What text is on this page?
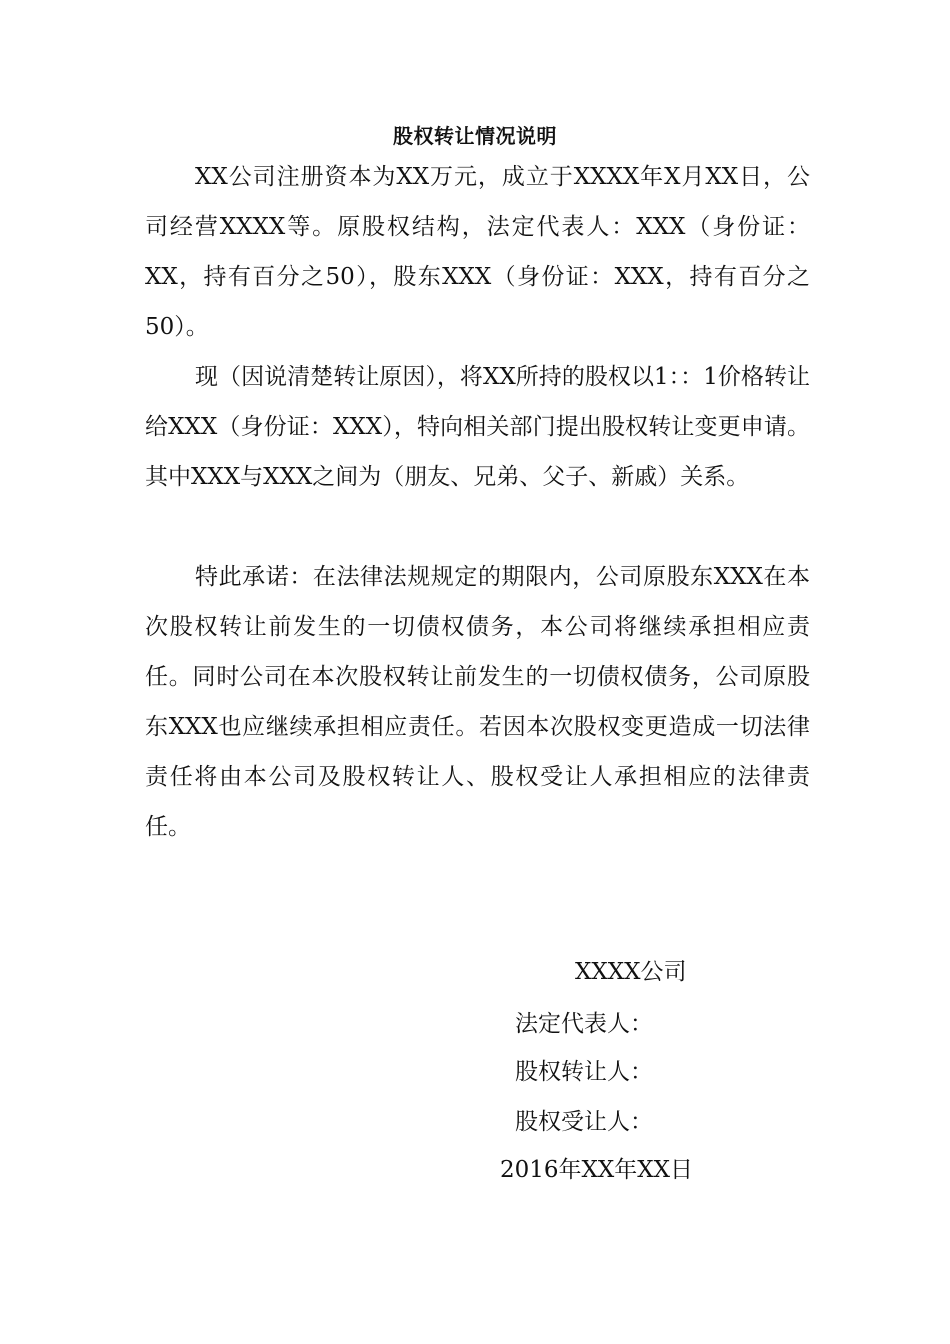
股权转让情况说明

XX公司注册资本为XX万元，成立于XXXX年X月XX日，公司经营XXXX等。原股权结构，法定代表人：XXX（身份证：XX，持有百分之50），股东XXX（身份证：XXX，持有百分之50）。

现（因说清楚转让原因），将XX所持的股权以1：：1价格转让给XXX（身份证：XXX），特向相关部门提出股权转让变更申请。其中XXX与XXX之间为（朋友、兄弟、父子、新戚）关系。

特此承诺：在法律法规规定的期限内，公司原股东XXX在本次股权转让前发生的一切债权债务，本公司将继续承担相应责任。同时公司在本次股权转让前发生的一切债权债务，公司原股东XXX也应继续承担相应责任。若因本次股权变更造成一切法律责任将由本公司及股权转让人、股权受让人承担相应的法律责任。

XXXX公司
法定代表人：
股权转让人：
股权受让人：
2016年XX年XX日
